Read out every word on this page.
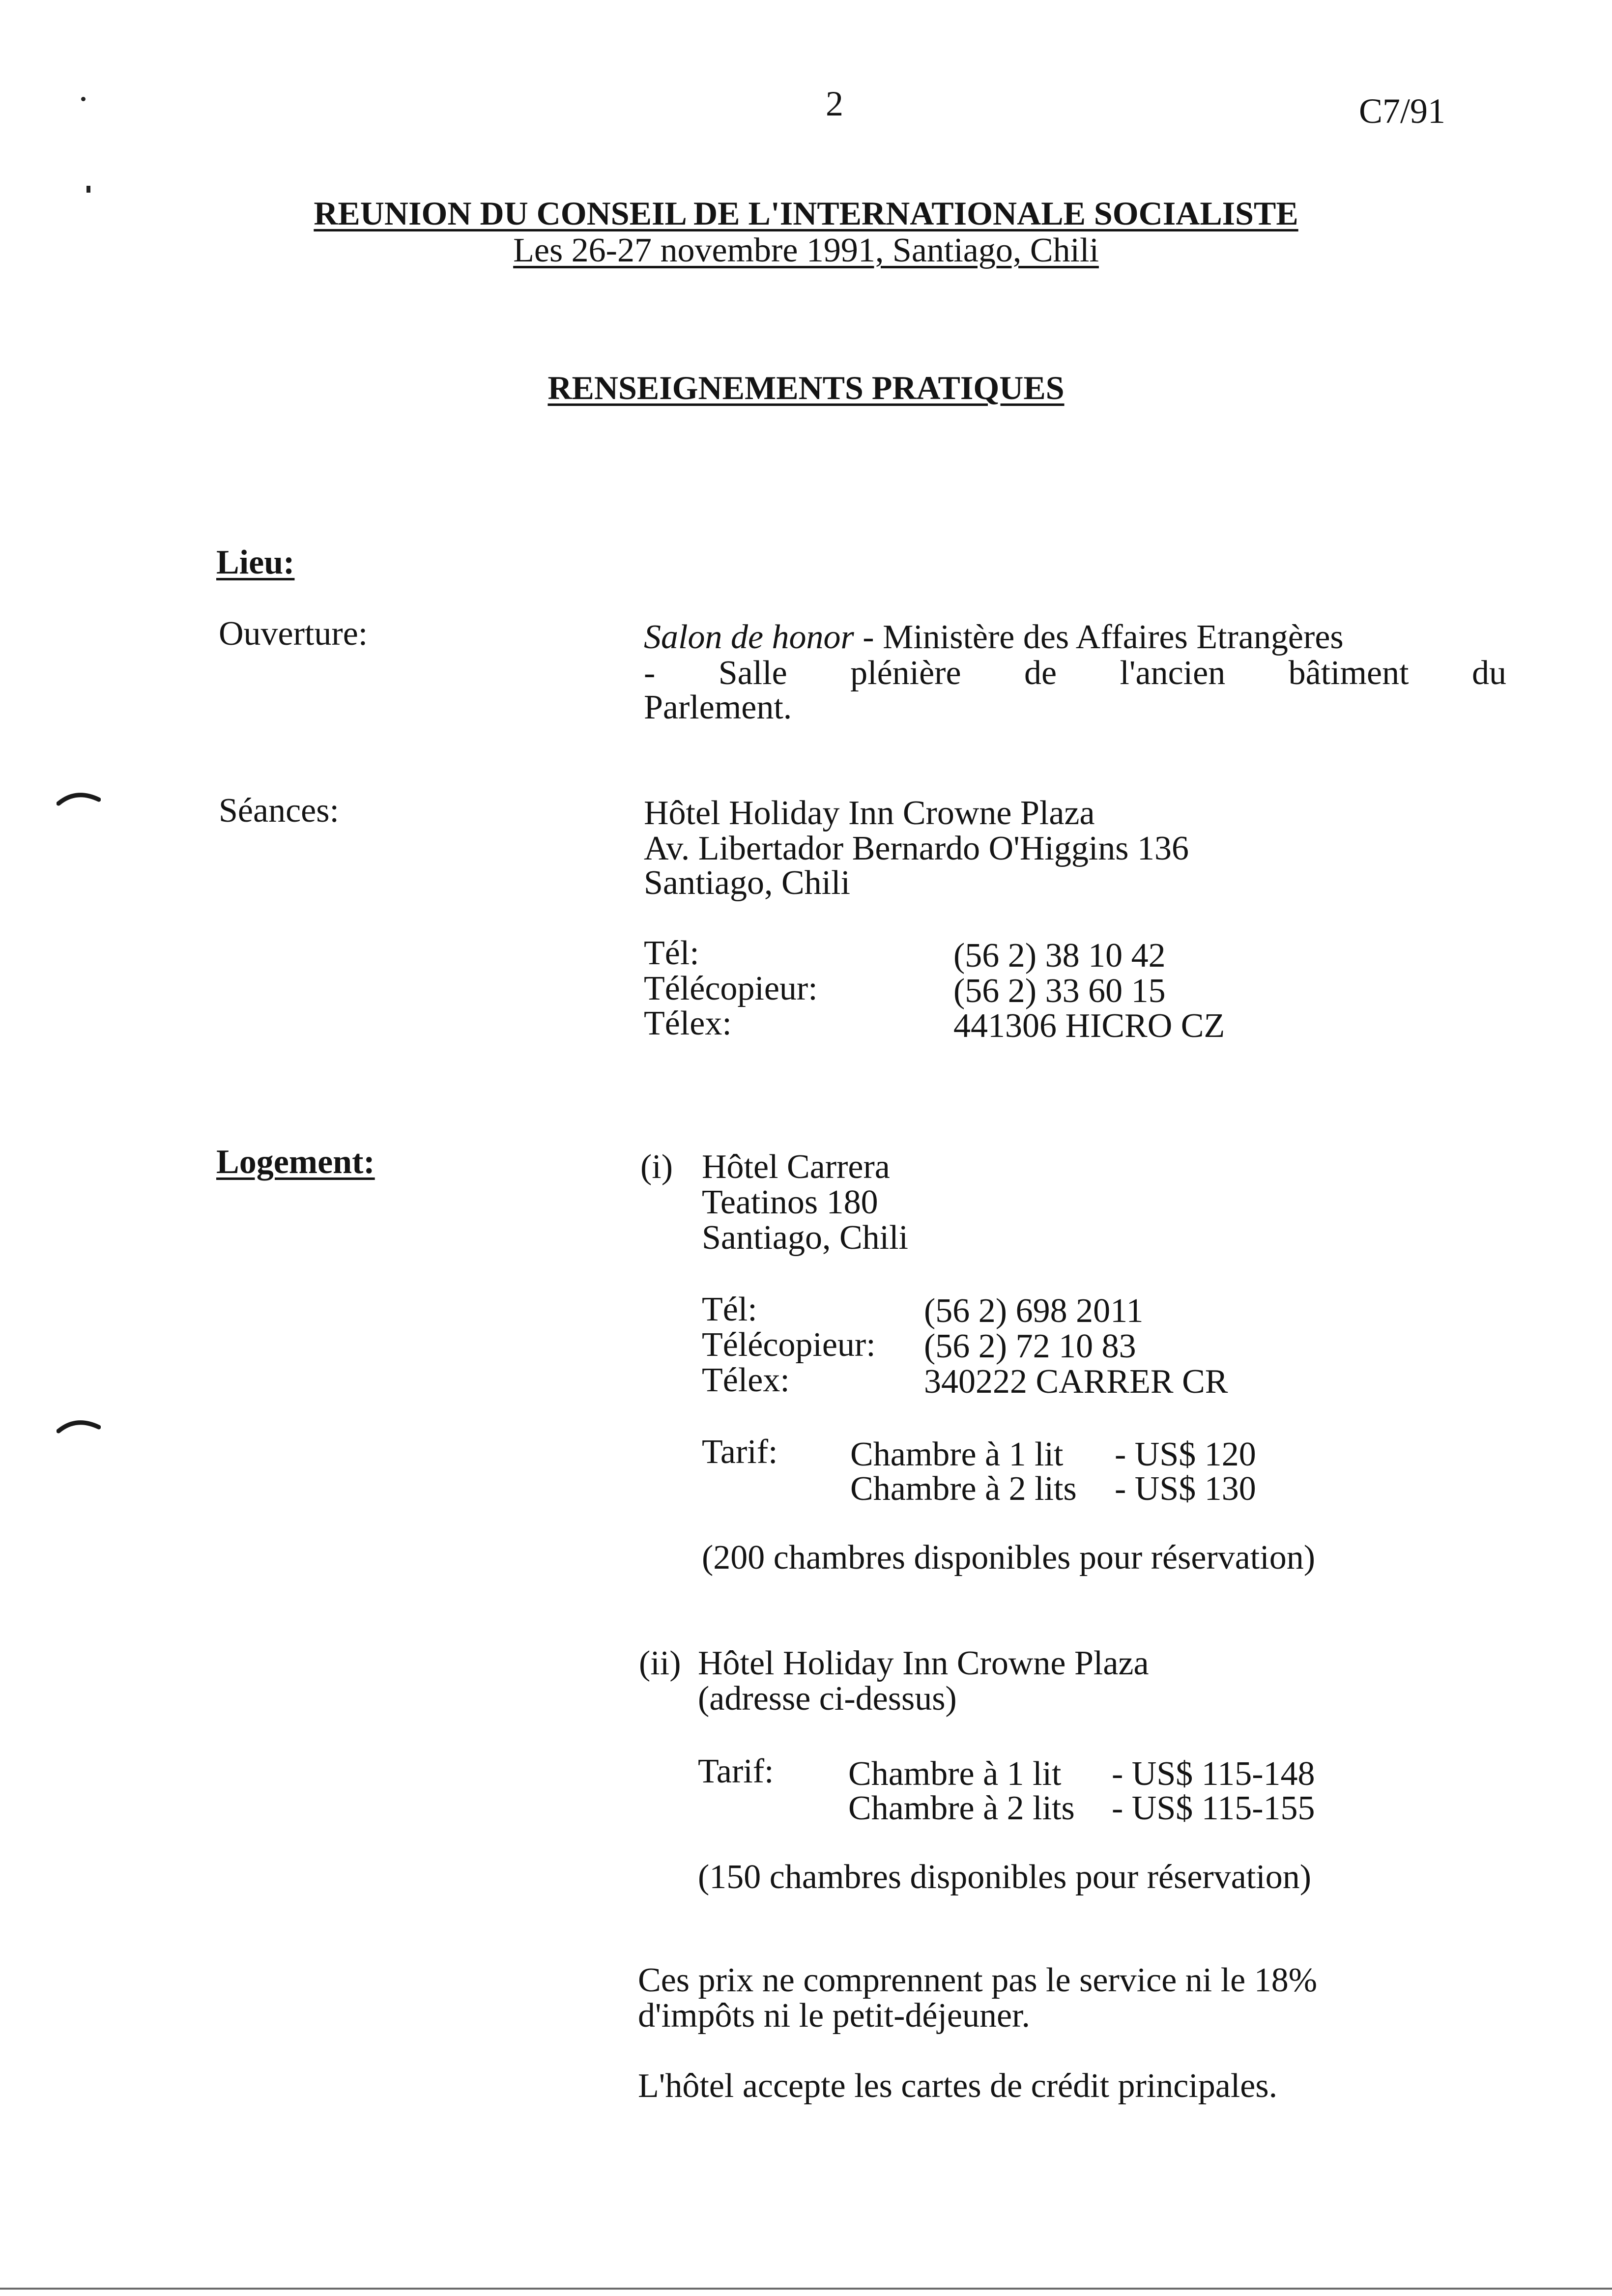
2	C7/91
REUNION DU CONSEIL DE L'INTERNATIONALE SOCIALISTE
Les 26-27 novembre 1991, Santiago, Chili
RENSEIGNEMENTS PRATIQUES
Lieu:
Ouverture:	Salon de honor - Ministère des Affaires Etrangères
- Salle plénière de l'ancien bâtiment du
Parlement.
Séances:	Hôtel Holiday Inn Crowne Plaza
Av. Libertador Bernardo O'Higgins 136
Santiago, Chili
Tél:	(56 2) 38 10 42
Télécopieur:	(56 2) 33 60 15
Télex:	441306 HICRO CZ
Logement:	(i) Hôtel Carrera
Teatinos 180
Santiago, Chili
Tél:	(56 2) 698 2011
Télécopieur: (56 2) 72 10 83
Télex:	340222 CARRER CR
Tarif: Chambre à 1 lit - US$ 120
Chambre à 2 lits - US$ 130
(200 chambres disponibles pour réservation)
(ii) Hôtel Holiday Inn Crowne Plaza
(adresse ci-dessus)
Tarif: Chambre à 1 lit - US$ 115-148
Chambre à 2 lits - US$ 115-155
(150 chambres disponibles pour réservation)
Ces prix ne comprennent pas le service ni le 18%
d'impôts ni le petit-déjeuner.
L'hôtel accepte les cartes de crédit principales.
